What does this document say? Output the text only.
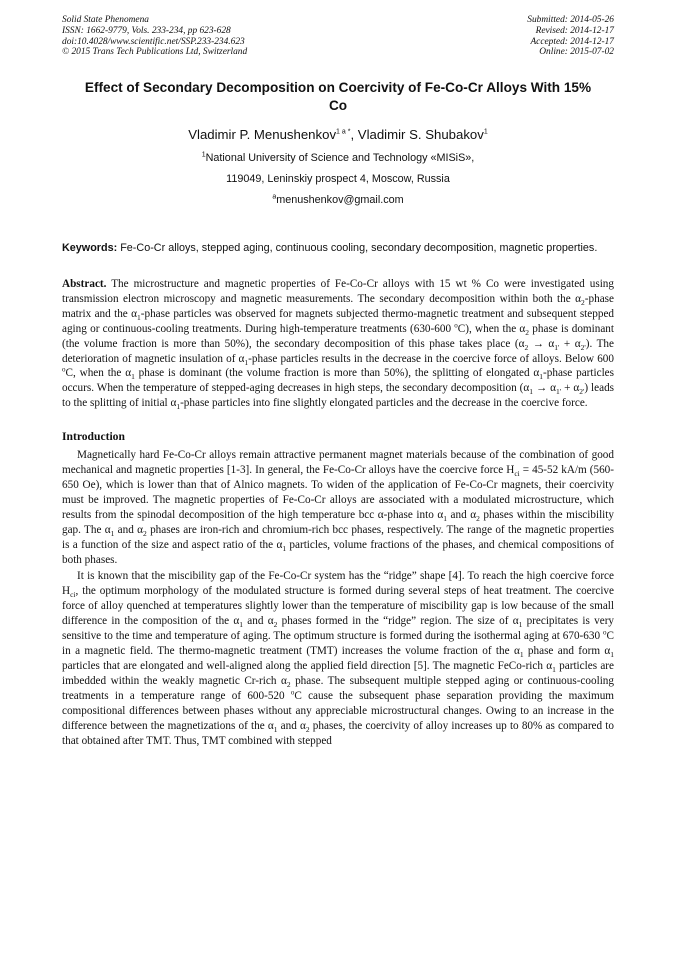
Solid State Phenomena
ISSN: 1662-9779, Vols. 233-234, pp 623-628
doi:10.4028/www.scientific.net/SSP.233-234.623
© 2015 Trans Tech Publications Ltd, Switzerland
Submitted: 2014-05-26
Revised: 2014-12-17
Accepted: 2014-12-17
Online: 2015-07-02
Effect of Secondary Decomposition on Coercivity of Fe-Co-Cr Alloys With 15% Co
Vladimir P. Menushenkov$^{1 a *}$, Vladimir S. Shubakov$^1$
$^1$National University of Science and Technology «MISiS»,
119049, Leninskiy prospect 4, Moscow, Russia
$^a$menushenkov@gmail.com
Keywords: Fe-Co-Cr alloys, stepped aging, continuous cooling, secondary decomposition, magnetic properties.
Abstract. The microstructure and magnetic properties of Fe-Co-Cr alloys with 15 wt % Co were investigated using transmission electron microscopy and magnetic measurements. The secondary decomposition within both the $\alpha_2$-phase matrix and the $\alpha_1$-phase particles was observed for magnets subjected thermo-magnetic treatment and subsequent stepped aging or continuous-cooling treatments. During high-temperature treatments (630-600 $^o$C), when the $\alpha_2$ phase is dominant (the volume fraction is more than 50%), the secondary decomposition of this phase takes place $(\alpha_2 \to \alpha_{1'} + \alpha_{2'})$. The deterioration of magnetic insulation of $\alpha_1$-phase particles results in the decrease in the coercive force of alloys. Below 600 $^o$C, when the $\alpha_1$ phase is dominant (the volume fraction is more than 50%), the splitting of elongated $\alpha_1$-phase particles occurs. When the temperature of stepped-aging decreases in high steps, the secondary decomposition $(\alpha_1 \to \alpha_{1'} + \alpha_{2'})$ leads to the splitting of initial $\alpha_1$-phase particles into fine slightly elongated particles and the decrease in the coercive force.
Introduction

Magnetically hard Fe-Co-Cr alloys remain attractive permanent magnet materials because of the combination of good mechanical and magnetic properties [1-3]. In general, the Fe-Co-Cr alloys have the coercive force $H_{ci} = 45-52$ kA/m (560-650 Oe), which is lower than that of Alnico magnets. To widen of the application of Fe-Co-Cr magnets, their coercivity must be improved. The magnetic properties of Fe-Co-Cr alloys are associated with a modulated microstructure, which results from the spinodal decomposition of the high temperature bcc α-phase into $\alpha_1$ and $\alpha_2$ phases within the miscibility gap. The $\alpha_1$ and $\alpha_2$ phases are iron-rich and chromium-rich bcc phases, respectively. The range of the magnetic properties is a function of the size and aspect ratio of the $\alpha_1$ particles, volume fractions of the phases, and chemical compositions of both phases.

It is known that the miscibility gap of the Fe-Co-Cr system has the “ridge” shape [4]. To reach the high coercive force $H_{ci}$, the optimum morphology of the modulated structure is formed during several steps of heat treatment. The coercive force of alloy quenched at temperatures slightly lower than the temperature of miscibility gap is low because of the small difference in the composition of the $\alpha_1$ and $\alpha_2$ phases formed in the “ridge” region. The size of $\alpha_1$ precipitates is very sensitive to the time and temperature of aging. The optimum structure is formed during the isothermal aging at 670-630 $^o$C in a magnetic field. The thermo-magnetic treatment (TMT) increases the volume fraction of the $\alpha_1$ phase and form $\alpha_1$ particles that are elongated and well-aligned along the applied field direction [5]. The magnetic FeCo-rich $\alpha_1$ particles are imbedded within the weakly magnetic Cr-rich $\alpha_2$ phase. The subsequent multiple stepped aging or continuous-cooling treatments in a temperature range of 600-520 $^o$C cause the subsequent phase separation providing the maximum compositional differences between phases without any appreciable microstructural changes. Owing to an increase in the difference between the magnetizations of the $\alpha_1$ and $\alpha_2$ phases, the coercivity of alloy increases up to 80% as compared to that obtained after TMT. Thus, TMT combined with stepped
